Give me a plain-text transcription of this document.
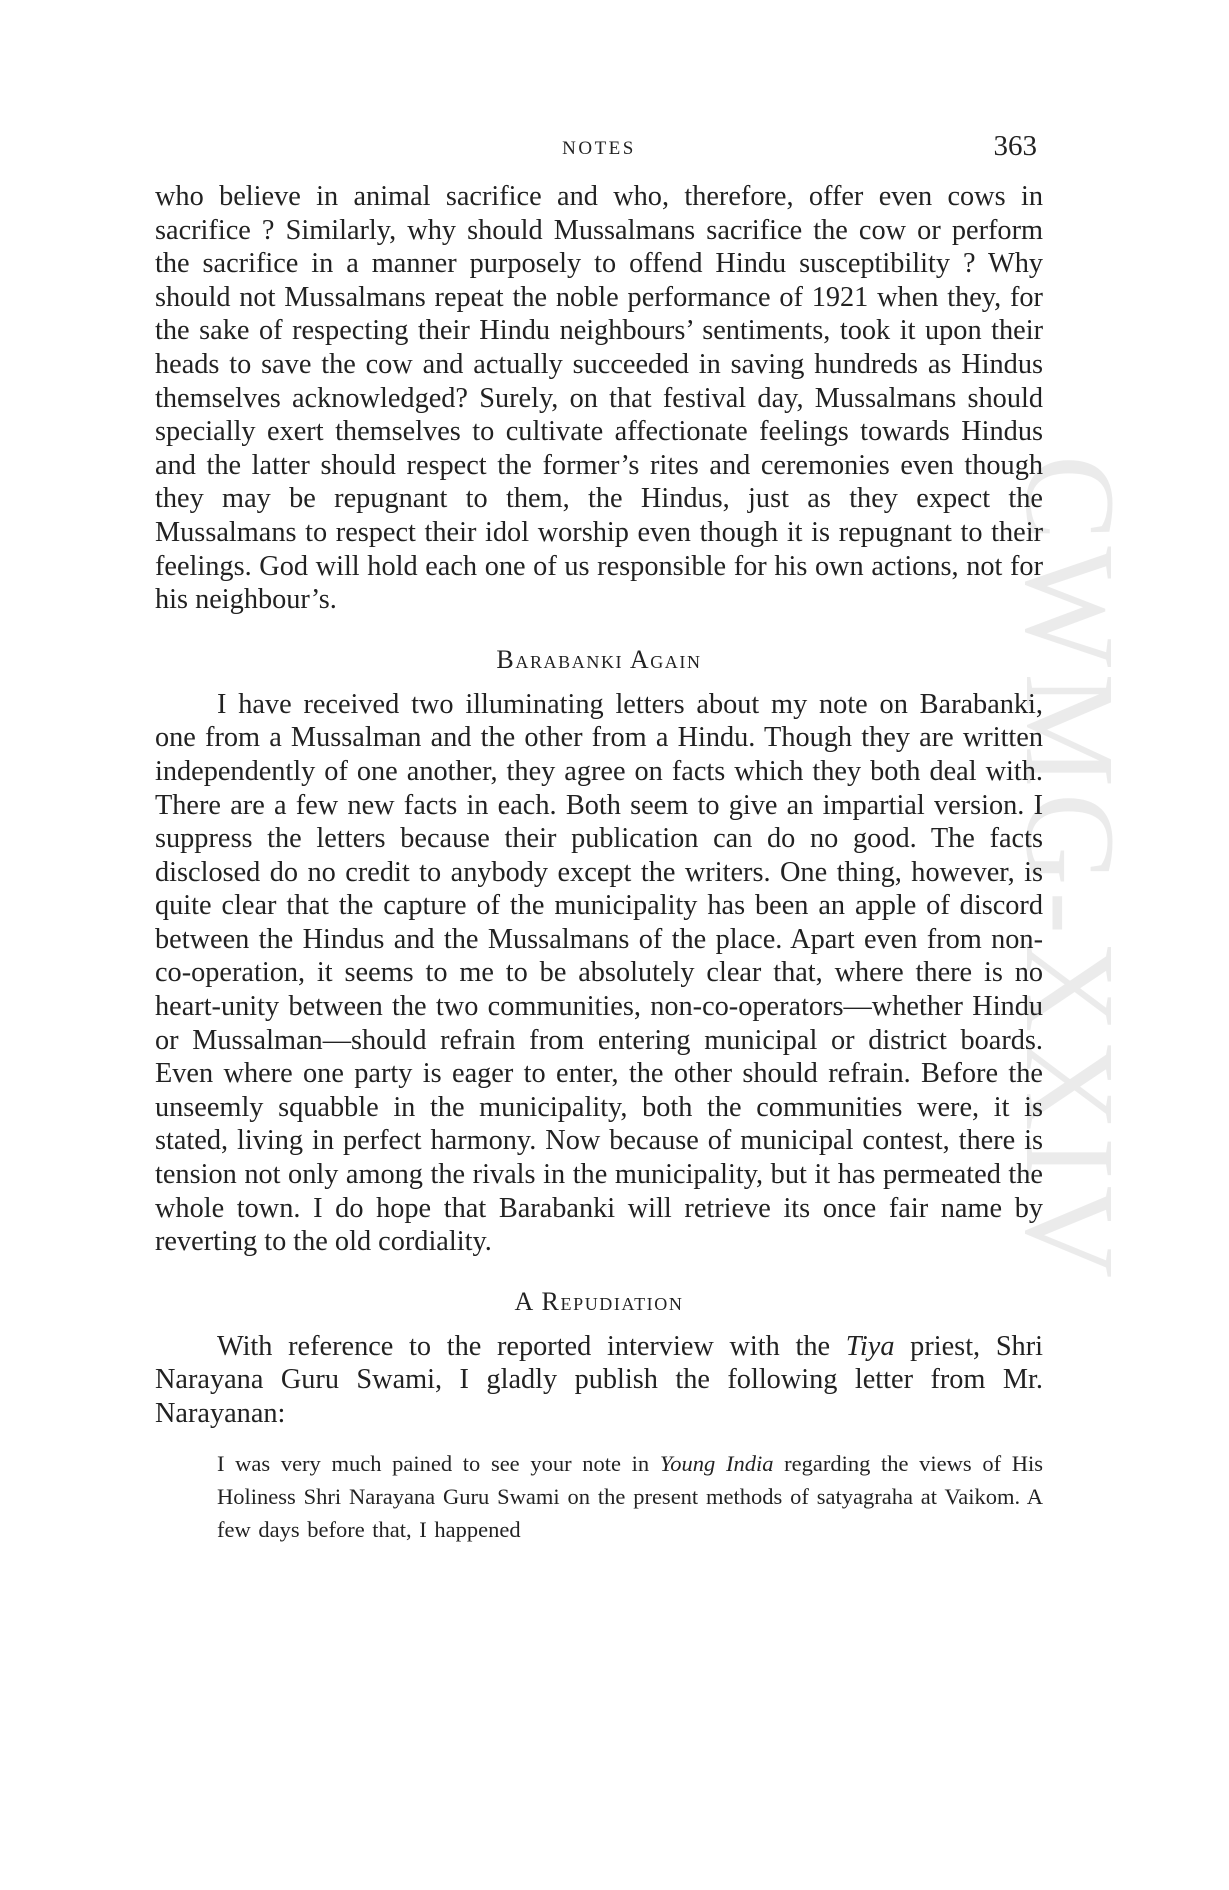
NOTES	363
CWMG-XXIV

who believe in animal sacrifice and who, therefore, offer even cows in sacrifice ? Similarly, why should Mussalmans sacrifice the cow or perform the sacrifice in a manner purposely to offend Hindu susceptibility ? Why should not Mussalmans repeat the noble performance of 1921 when they, for the sake of respecting their Hindu neighbours’ sentiments, took it upon their heads to save the cow and actually succeeded in saving hundreds as Hindus themselves acknowledged? Surely, on that festival day, Mussalmans should specially exert themselves to cultivate affectionate feelings towards Hindus and the latter should respect the former’s rites and ceremonies even though they may be repugnant to them, the Hindus, just as they expect the Mussalmans to respect their idol worship even though it is repugnant to their feelings. God will hold each one of us responsible for his own actions, not for his neighbour’s.

Barabanki Again

I have received two illuminating letters about my note on Barabanki, one from a Mussalman and the other from a Hindu. Though they are written independently of one another, they agree on facts which they both deal with. There are a few new facts in each. Both seem to give an impartial version. I suppress the letters because their publication can do no good. The facts disclosed do no credit to anybody except the writers. One thing, however, is quite clear that the capture of the municipality has been an apple of discord between the Hindus and the Mussalmans of the place. Apart even from non-co-operation, it seems to me to be absolutely clear that, where there is no heart-unity between the two communities, non-co-operators—whether Hindu or Mussalman—should refrain from entering municipal or district boards. Even where one party is eager to enter, the other should refrain. Before the unseemly squabble in the municipality, both the communities were, it is stated, living in perfect harmony. Now because of municipal contest, there is tension not only among the rivals in the municipality, but it has permeated the whole town. I do hope that Barabanki will retrieve its once fair name by reverting to the old cordiality.

A Repudiation

With reference to the reported interview with the Tiya priest, Shri Narayana Guru Swami, I gladly publish the following letter from Mr. Narayanan:

I was very much pained to see your note in Young India regarding the views of His Holiness Shri Narayana Guru Swami on the present methods of satyagraha at Vaikom. A few days before that, I happened
